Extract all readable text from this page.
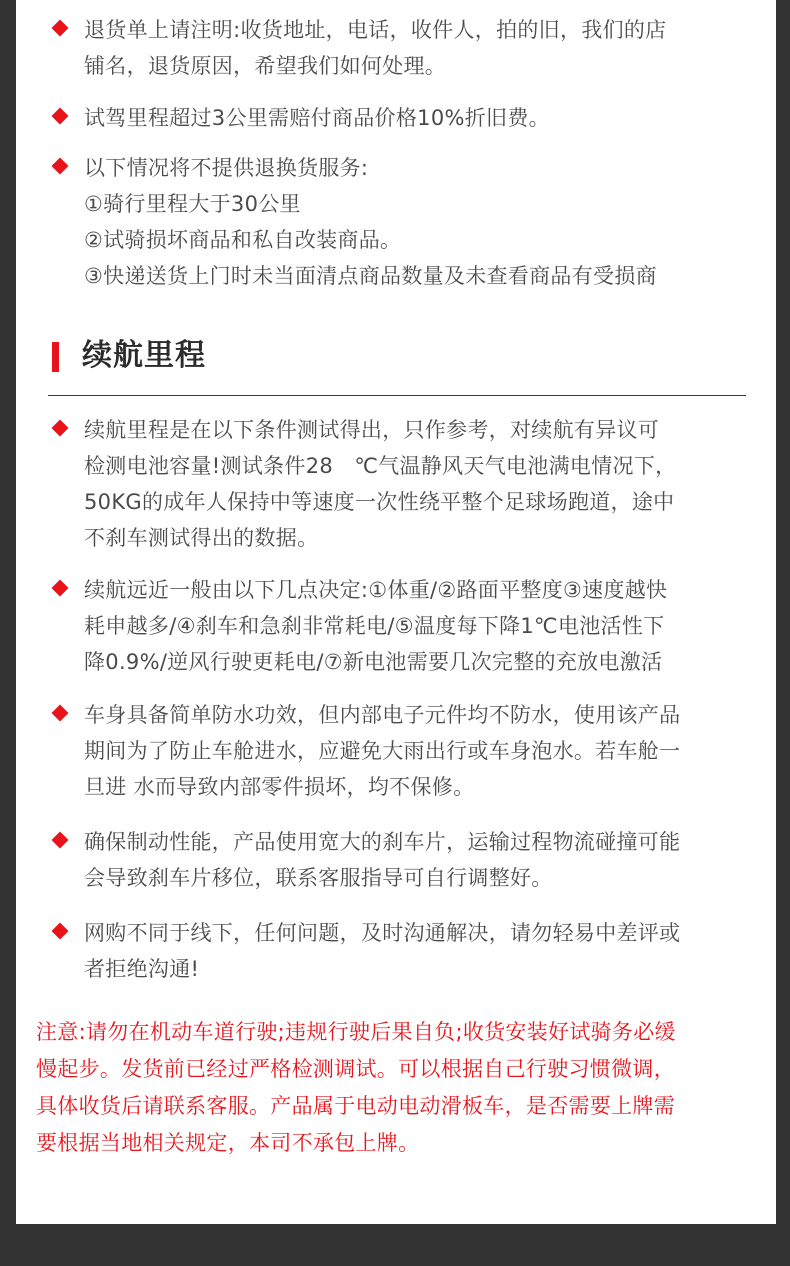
退货单上请注明:收货地址，电话，收件人，拍的旧，我们的店
铺名，退货原因，希望我们如何处理。
试驾里程超过3公里需赔付商品价格10%折旧费。
以下情况将不提供退换货服务:
①骑行里程大于30公里
②试骑损坏商品和私自改装商品。
③快递送货上门时未当面清点商品数量及未查看商品有受损商
续航里程
续航里程是在以下条件测试得出，只作参考，对续航有异议可
检测电池容量!测试条件28　℃气温静风天气电池满电情况下，
50KG的成年人保持中等速度一次性绕平整个足球场跑道，途中
不刹车测试得出的数据。
续航远近一般由以下几点决定:①体重/②路面平整度③速度越快
耗申越多/④刹车和急刹非常耗电/⑤温度每下降1℃电池活性下
降0.9%/逆风行驶更耗电/⑦新电池需要几次完整的充放电激活
车身具备简单防水功效，但内部电子元件均不防水，使用该产品
期间为了防止车舱进水，应避免大雨出行或车身泡水。若车舱一
旦进 水而导致内部零件损坏，均不保修。
确保制动性能，产品使用宽大的刹车片，运输过程物流碰撞可能
会导致刹车片移位，联系客服指导可自行调整好。
网购不同于线下，任何问题，及时沟通解决，请勿轻易中差评或
者拒绝沟通!
注意:请勿在机动车道行驶;违规行驶后果自负;收货安装好试骑务必缓
慢起步。发货前已经过严格检测调试。可以根据自己行驶习惯微调，
具体收货后请联系客服。产品属于电动电动滑板车，是否需要上牌需
要根据当地相关规定，本司不承包上牌。
